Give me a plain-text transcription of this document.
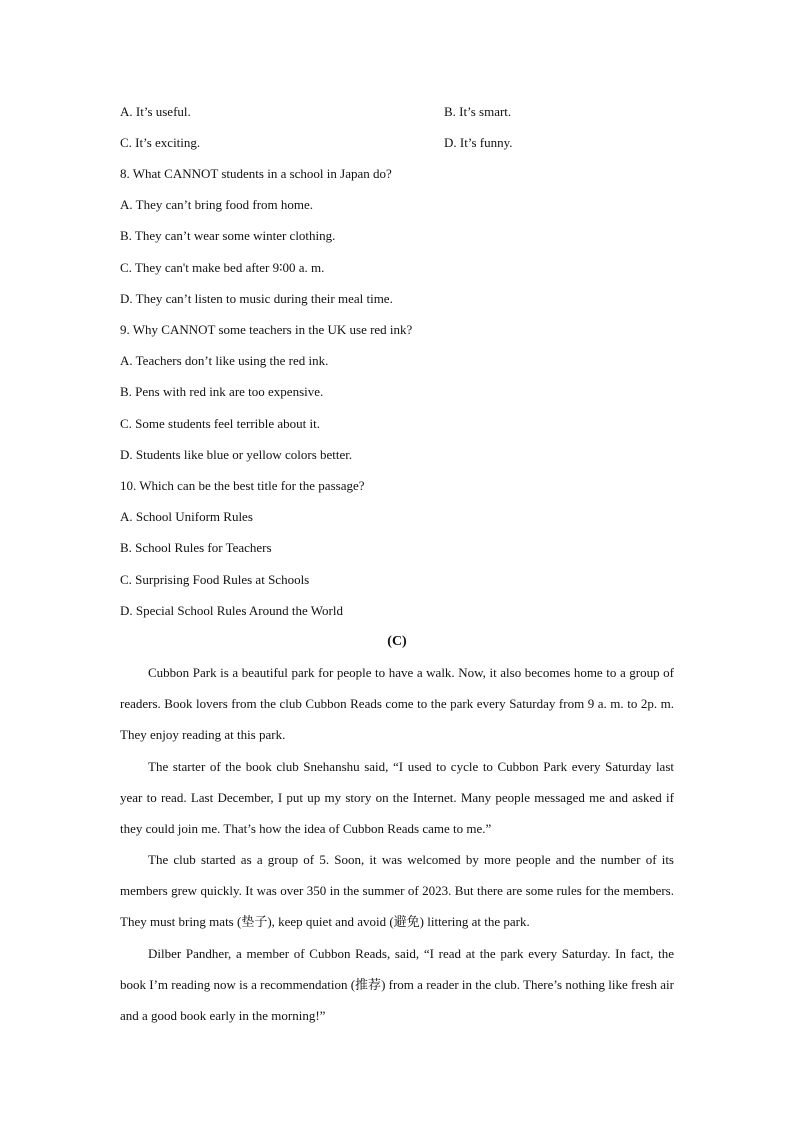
A. It’s useful.	B. It’s smart.
C. It’s exciting.	D. It’s funny.
8. What CANNOT students in a school in Japan do?
A. They can’t bring food from home.
B. They can’t wear some winter clothing.
C. They can't make bed after 9∶00 a. m.
D. They can’t listen to music during their meal time.
9. Why CANNOT some teachers in the UK use red ink?
A. Teachers don’t like using the red ink.
B. Pens with red ink are too expensive.
C. Some students feel terrible about it.
D. Students like blue or yellow colors better.
10. Which can be the best title for the passage?
A. School Uniform Rules
B. School Rules for Teachers
C. Surprising Food Rules at Schools
D. Special School Rules Around the World
(C)
Cubbon Park is a beautiful park for people to have a walk. Now, it also becomes home to a group of readers. Book lovers from the club Cubbon Reads come to the park every Saturday from 9 a. m. to 2p. m. They enjoy reading at this park.
The starter of the book club Snehanshu said, “I used to cycle to Cubbon Park every Saturday last year to read. Last December, I put up my story on the Internet. Many people messaged me and asked if they could join me. That’s how the idea of Cubbon Reads came to me.”
The club started as a group of 5. Soon, it was welcomed by more people and the number of its members grew quickly. It was over 350 in the summer of 2023. But there are some rules for the members. They must bring mats (垫子), keep quiet and avoid (避免) littering at the park.
Dilber Pandher, a member of Cubbon Reads, said, “I read at the park every Saturday. In fact, the book I’m reading now is a recommendation (推荐) from a reader in the club. There’s nothing like fresh air and a good book early in the morning!”
